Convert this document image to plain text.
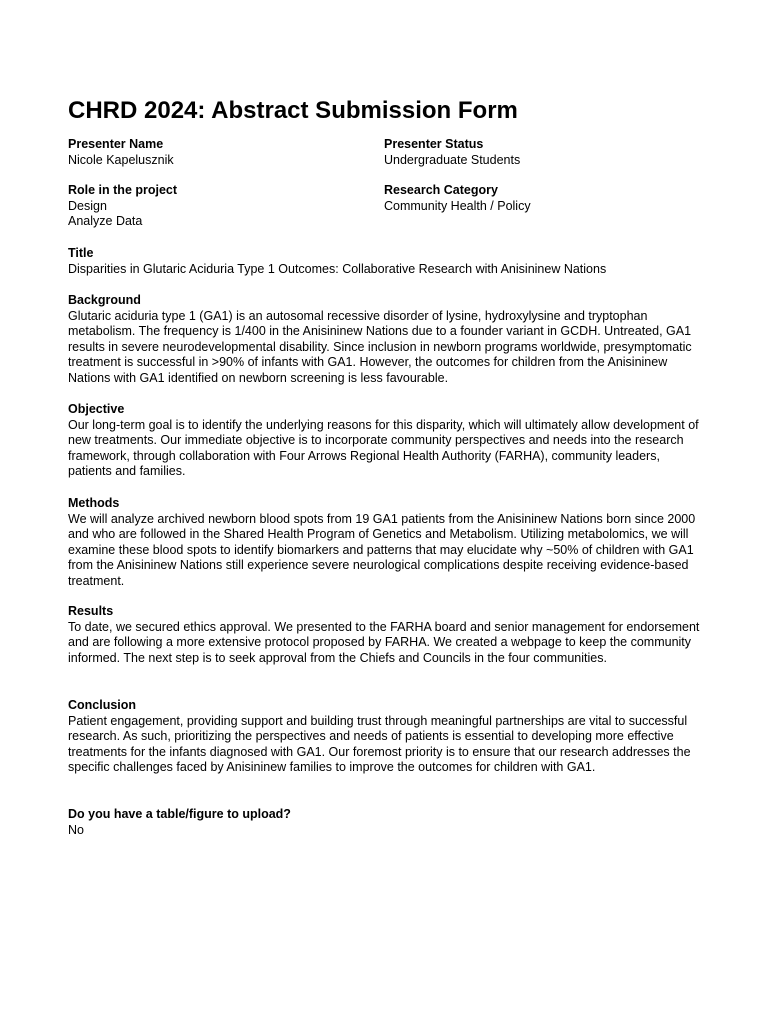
CHRD 2024: Abstract Submission Form
Presenter Name
Nicole Kapelusznik
Presenter Status
Undergraduate Students
Role in the project
Design
Analyze Data
Research Category
Community Health / Policy
Title
Disparities in Glutaric Aciduria Type 1 Outcomes: Collaborative Research with Anisininew Nations
Background
Glutaric aciduria type 1 (GA1) is an autosomal recessive disorder of lysine, hydroxylysine and tryptophan metabolism. The frequency is 1/400 in the Anisininew Nations due to a founder variant in GCDH. Untreated, GA1 results in severe neurodevelopmental disability. Since inclusion in newborn programs worldwide, presymptomatic treatment is successful in >90% of infants with GA1. However, the outcomes for children from the Anisininew Nations with GA1 identified on newborn screening is less favourable.
Objective
Our long-term goal is to identify the underlying reasons for this disparity, which will ultimately allow development of new treatments. Our immediate objective is to incorporate community perspectives and needs into the research framework, through collaboration with Four Arrows Regional Health Authority (FARHA), community leaders, patients and families.
Methods
We will analyze archived newborn blood spots from 19 GA1 patients from the Anisininew Nations born since 2000 and who are followed in the Shared Health Program of Genetics and Metabolism. Utilizing metabolomics, we will examine these blood spots to identify biomarkers and patterns that may elucidate why ~50% of children with GA1 from the Anisininew Nations still experience severe neurological complications despite receiving evidence-based treatment.
Results
To date, we secured ethics approval. We presented to the FARHA board and senior management for endorsement and are following a more extensive protocol proposed by FARHA. We created a webpage to keep the community informed. The next step is to seek approval from the Chiefs and Councils in the four communities.
Conclusion
Patient engagement, providing support and building trust through meaningful partnerships are vital to successful research. As such, prioritizing the perspectives and needs of patients is essential to developing more effective treatments for the infants diagnosed with GA1. Our foremost priority is to ensure that our research addresses the specific challenges faced by Anisininew families to improve the outcomes for children with GA1.
Do you have a table/figure to upload?
No
